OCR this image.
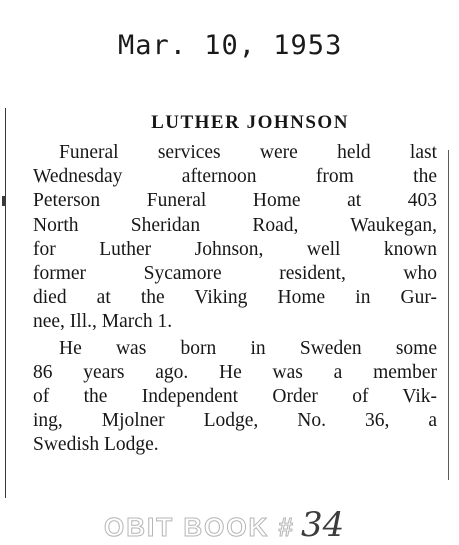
Mar. 10, 1953
LUTHER JOHNSON

Funeral services were held last
Wednesday afternoon from the
Peterson Funeral Home at 403
North Sheridan Road, Waukegan,
for Luther Johnson, well known
former Sycamore resident, who
died at the Viking Home in Gur-
nee, Ill., March 1.

He was born in Sweden some
86 years ago. He was a member
of the Independent Order of Vik-
ing, Mjolner Lodge, No. 36, a
Swedish Lodge.

OBIT BOOK # 34
